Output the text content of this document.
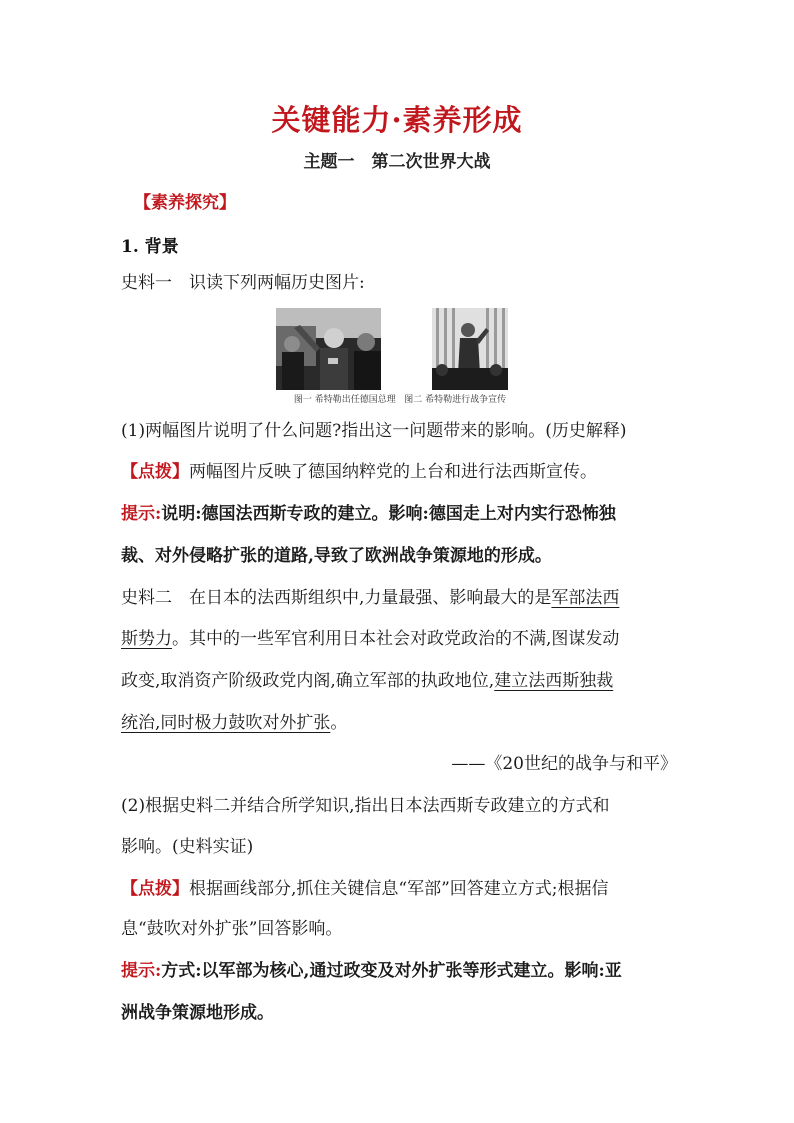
关键能力·素养形成
主题一　第二次世界大战
【素养探究】
1. 背景
史料一　识读下列两幅历史图片:
图一 希特勒出任德国总理 图二 希特勒进行战争宣传
(1)两幅图片说明了什么问题?指出这一问题带来的影响。(历史解释)
【点拨】两幅图片反映了德国纳粹党的上台和进行法西斯宣传。
提示:说明:德国法西斯专政的建立。影响:德国走上对内实行恐怖独
裁、对外侵略扩张的道路,导致了欧洲战争策源地的形成。
史料二　在日本的法西斯组织中,力量最强、影响最大的是军部法西
斯势力。其中的一些军官利用日本社会对政党政治的不满,图谋发动
政变,取消资产阶级政党内阁,确立军部的执政地位,建立法西斯独裁
统治,同时极力鼓吹对外扩张。
——《20世纪的战争与和平》
(2)根据史料二并结合所学知识,指出日本法西斯专政建立的方式和
影响。(史料实证)
【点拨】根据画线部分,抓住关键信息“军部”回答建立方式;根据信
息“鼓吹对外扩张”回答影响。
提示:方式:以军部为核心,通过政变及对外扩张等形式建立。影响:亚
洲战争策源地形成。
